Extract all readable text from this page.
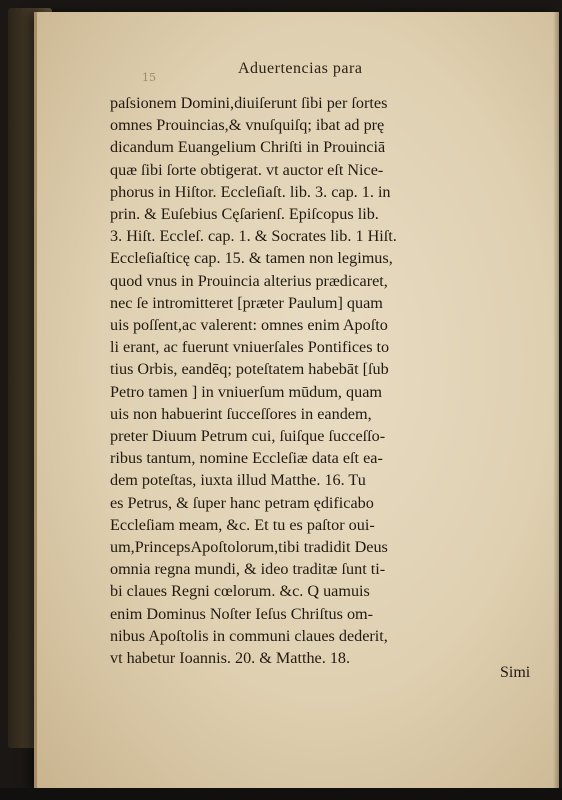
15
Aduertencias para
paſsionem Domini,diuiſerunt ſibi per ſortes
omnes Prouincias,& vnuſquiſq; ibat ad prę
dicandum Euangelium Chriſti in Prouinciā
quæ ſibi ſorte obtigerat. vt auctor eſt Nice-
phorus in Hiſtor. Eccleſiaſt. lib. 3. cap. 1. in
prin. & Euſebius Cęſarienſ. Epiſcopus lib.
3. Hiſt. Eccleſ. cap. 1. & Socrates lib. 1 Hiſt.
Eccleſiaſticę cap. 15. & tamen non legimus,
quod vnus in Prouincia alterius prædicaret,
nec ſe intromitteret [præter Paulum] quam
uis poſſent,ac valerent: omnes enim Apoſto
li erant, ac fuerunt vniuerſales Pontifices to
tius Orbis, eandēq; poteſtatem habebāt [ſub
Petro tamen ] in vniuerſum mūdum, quam
uis non habuerint ſucceſſores in eandem,
preter Diuum Petrum cui, ſuiſque ſucceſſo-
ribus tantum, nomine Eccleſiæ data eſt ea-
dem poteſtas, iuxta illud Matthe. 16. Tu
es Petrus, & ſuper hanc petram ędificabo
Eccleſiam meam, &c. Et tu es paſtor oui-
um,PrincepsApoſtolorum,tibi tradidit Deus
omnia regna mundi, & ideo traditæ ſunt ti-
bi claues Regni cœlorum. &c. Q uamuis
enim Dominus Noſter Ieſus Chriſtus om-
nibus Apoſtolis in communi claues dederit,
vt habetur Ioannis. 20. & Matthe. 18.
Simi
